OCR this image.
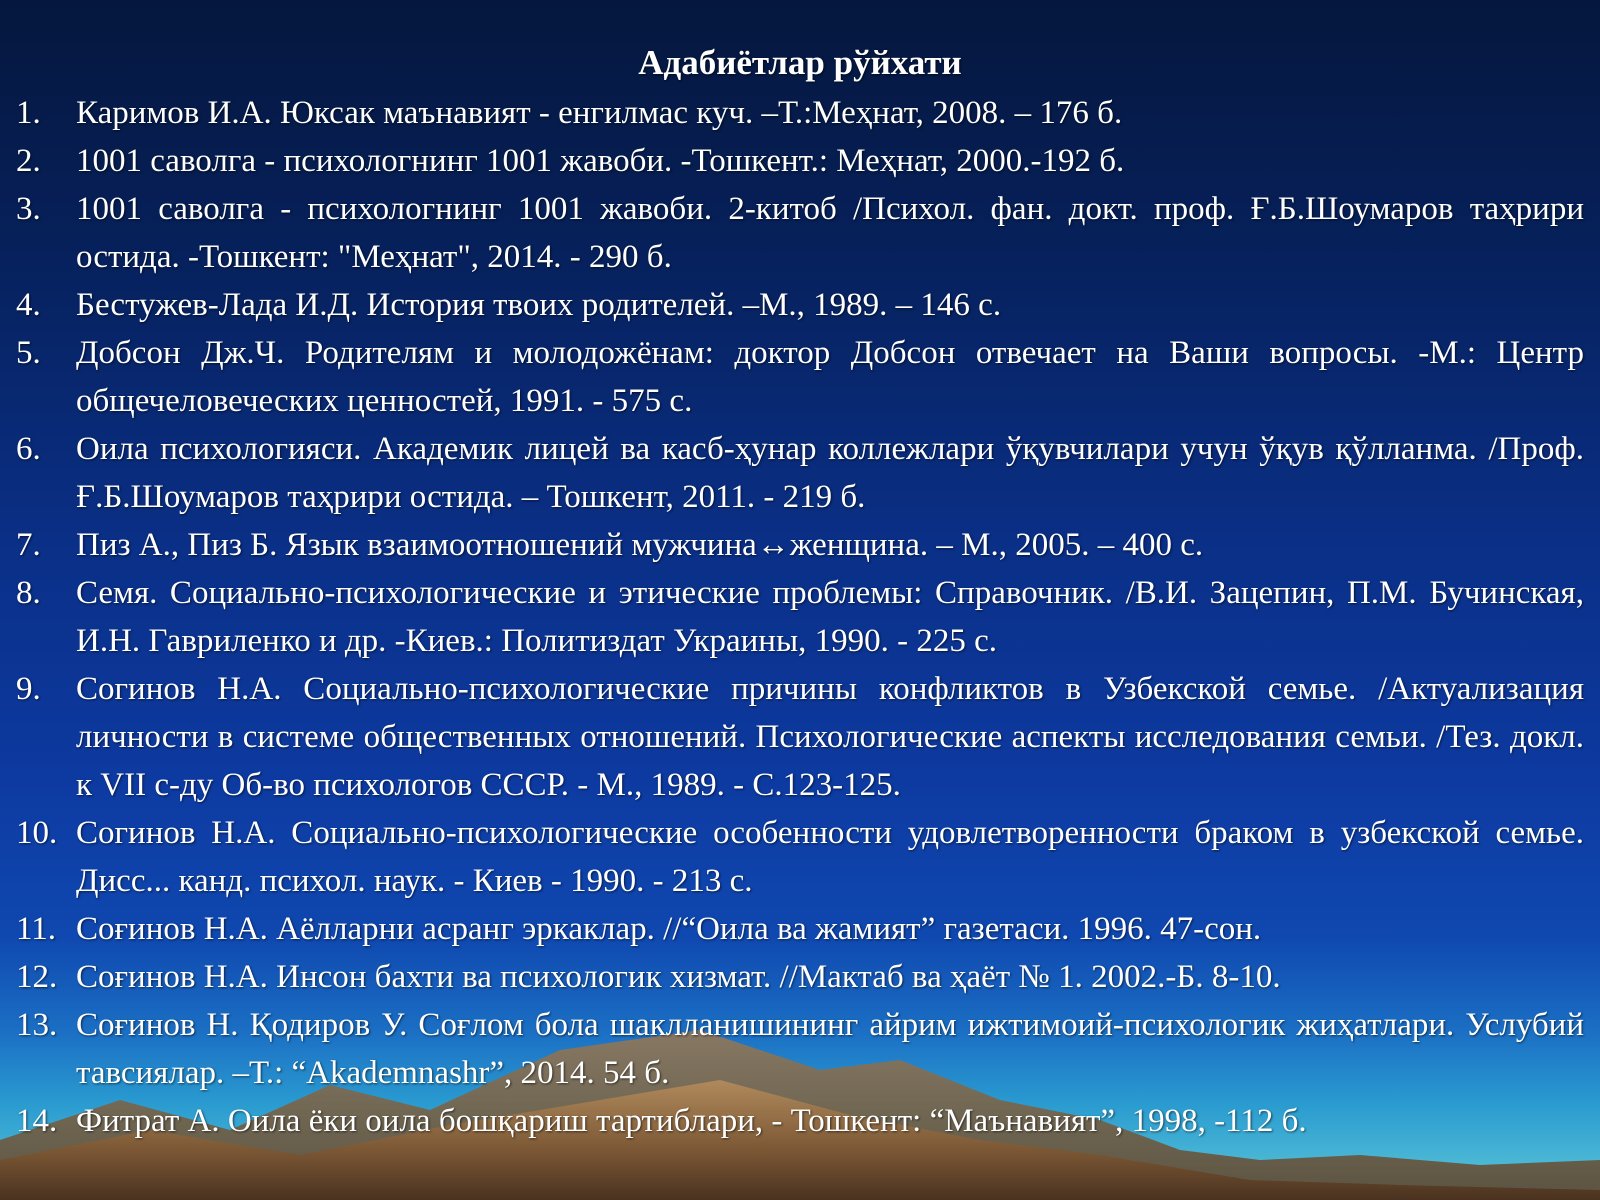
Адабиётлар рўйхати
1.	Каримов И.А. Юксак маънавият - енгилмас куч. –Т.:Меҳнат, 2008. – 176 б.
2.	1001 саволга - психологнинг 1001 жавоби. -Тошкент.: Меҳнат, 2000.-192 б.
3.	1001 саволга - психологнинг 1001 жавоби. 2-китоб /Психол. фан. докт. проф. Ғ.Б.Шоумаров таҳрири остида. -Тошкент: "Меҳнат", 2014. - 290 б.
4.	Бестужев-Лада И.Д. История твоих родителей. –М., 1989. – 146 с.
5.	Добсон Дж.Ч. Родителям и молодожёнам: доктор Добсон отвечает на Ваши вопросы. -М.: Центр общечеловеческих ценностей, 1991. - 575 с.
6.	Оила психологияси. Академик лицей ва касб-ҳунар коллежлари ўқувчилари учун ўқув қўлланма. /Проф. Ғ.Б.Шоумаров таҳрири остида. – Тошкент, 2011. - 219 б.
7.	Пиз А., Пиз Б. Язык взаимоотношений мужчина↔женщина. – М., 2005. – 400 с.
8.	Семя. Социально-психологические и этические проблемы: Справочник. /В.И. Зацепин, П.М. Бучинская, И.Н. Гавриленко и др. -Киев.: Политиздат Украины, 1990. - 225 с.
9.	Согинов Н.А. Социально-психологические причины конфликтов в Узбекской семье. /Актуализация личности в системе общественных отношений. Психологические аспекты исследования семьи. /Тез. докл. к VII с-ду Об-во психологов СССР. - М., 1989. - С.123-125.
10. Согинов Н.А. Социально-психологические особенности удовлетворенности браком в узбекской семье. Дисс... канд. психол. наук. - Киев - 1990. - 213 с.
11. Соғинов Н.А. Аёлларни асранг эркаклар. //“Оила ва жамият” газетаси. 1996. 47-сон.
12. Соғинов Н.А. Инсон бахти ва психологик хизмат. //Мактаб ва ҳаёт № 1. 2002.-Б. 8-10.
13. Соғинов Н. Қодиров У. Соғлом бола шаклланишининг айрим ижтимоий-психологик жиҳатлари. Услубий тавсиялар. –Т.: “Akademnashr”, 2014. 54 б.
14. Фитрат А. Оила ёки оила бошқариш тартиблари, - Тошкент: “Маънавият”, 1998, -112 б.
